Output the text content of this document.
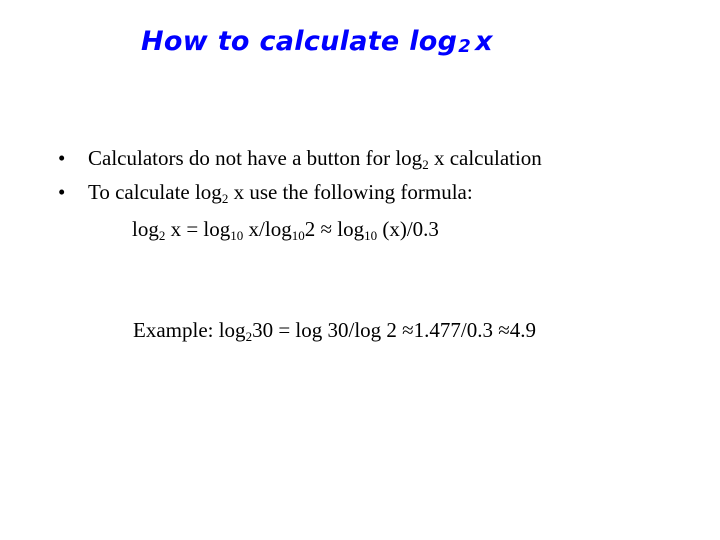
How to calculate $\log_2 x$
• Calculators do not have a button for $\log_2 x$ calculation
• To calculate $\log_2 x$ use the following formula:
$\log_2 x = \log_{10} x/\log_{10}2 \approx \log_{10} (x)/0.3$
Example: $\log_230 = \log 30/\log$ 2 ≈1.477/0.3 ≈4.9
